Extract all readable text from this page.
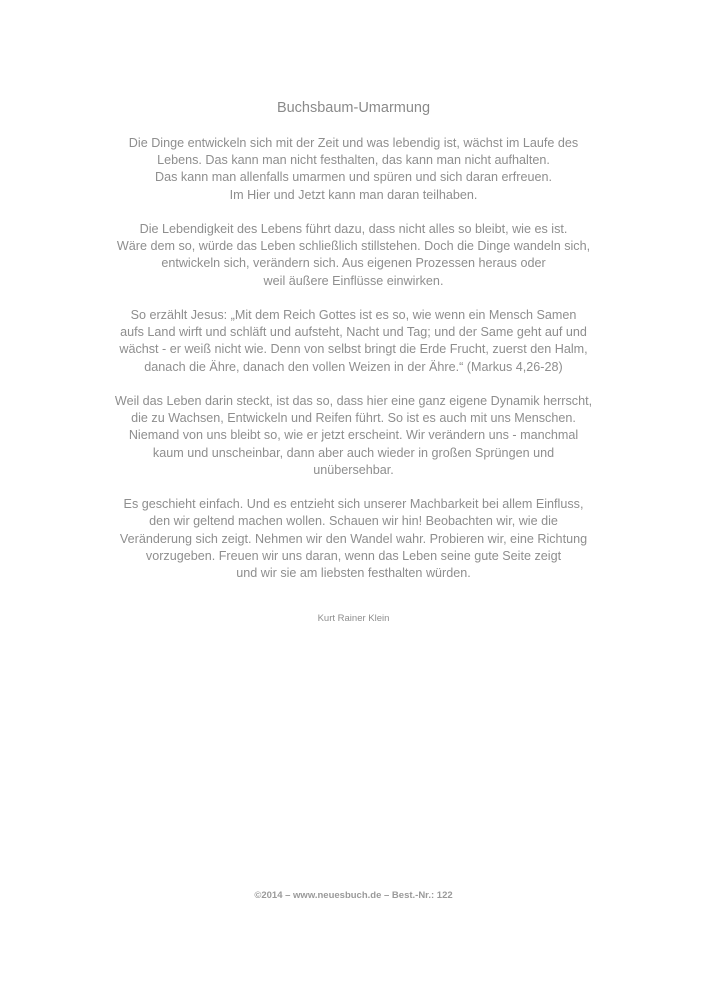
Buchsbaum-Umarmung

Die Dinge entwickeln sich mit der Zeit und was lebendig ist, wächst im Laufe des
Lebens. Das kann man nicht festhalten, das kann man nicht aufhalten.
Das kann man allenfalls umarmen und spüren und sich daran erfreuen.
Im Hier und Jetzt kann man daran teilhaben.

Die Lebendigkeit des Lebens führt dazu, dass nicht alles so bleibt, wie es ist.
Wäre dem so, würde das Leben schließlich stillstehen. Doch die Dinge wandeln sich,
entwickeln sich, verändern sich. Aus eigenen Prozessen heraus oder
weil äußere Einflüsse einwirken.

So erzählt Jesus: „Mit dem Reich Gottes ist es so, wie wenn ein Mensch Samen
aufs Land wirft und schläft und aufsteht, Nacht und Tag; und der Same geht auf und
wächst - er weiß nicht wie. Denn von selbst bringt die Erde Frucht, zuerst den Halm,
danach die Ähre, danach den vollen Weizen in der Ähre.“ (Markus 4,26-28)

Weil das Leben darin steckt, ist das so, dass hier eine ganz eigene Dynamik herrscht,
die zu Wachsen, Entwickeln und Reifen führt. So ist es auch mit uns Menschen.
Niemand von uns bleibt so, wie er jetzt erscheint. Wir verändern uns - manchmal
kaum und unscheinbar, dann aber auch wieder in großen Sprüngen und
unübersehbar.

Es geschieht einfach. Und es entzieht sich unserer Machbarkeit bei allem Einfluss,
den wir geltend machen wollen. Schauen wir hin! Beobachten wir, wie die
Veränderung sich zeigt. Nehmen wir den Wandel wahr. Probieren wir, eine Richtung
vorzugeben. Freuen wir uns daran, wenn das Leben seine gute Seite zeigt
und wir sie am liebsten festhalten würden.

Kurt Rainer Klein
©2014 – www.neuesbuch.de – Best.-Nr.: 122
